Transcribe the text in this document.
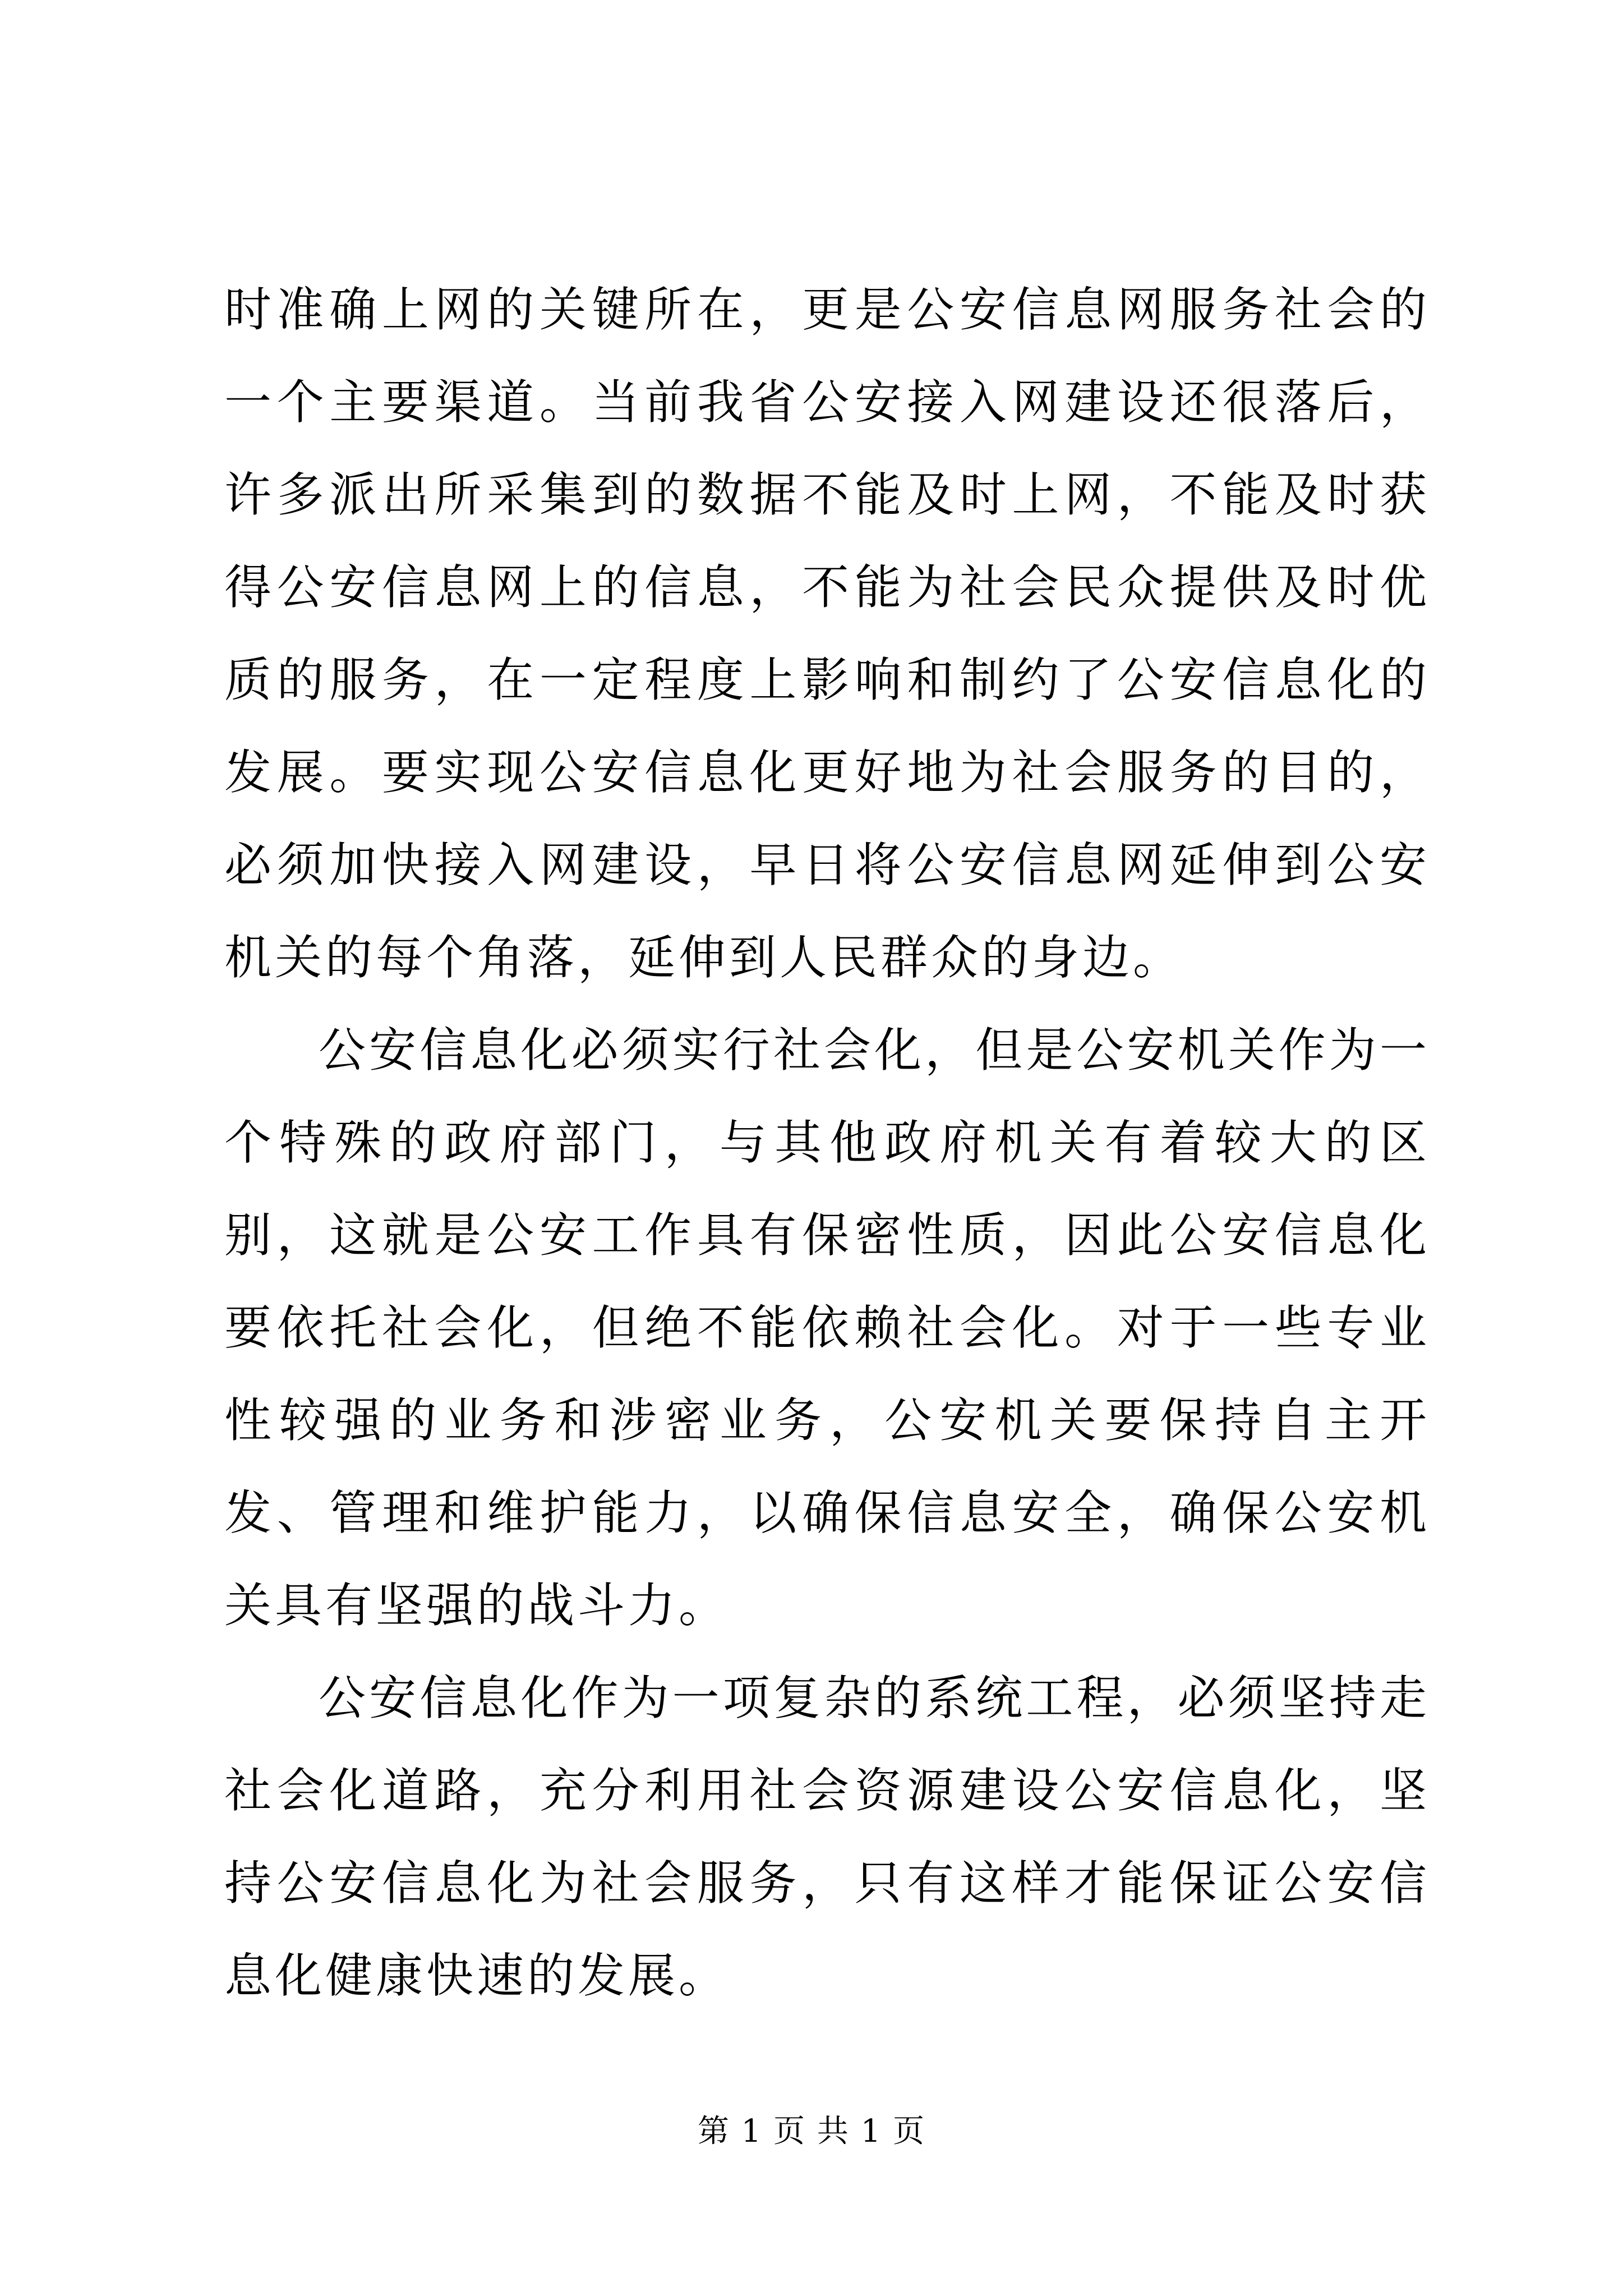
时准确上网的关键所在，更是公安信息网服务社会的一个主要渠道。当前我省公安接入网建设还很落后，许多派出所采集到的数据不能及时上网，不能及时获得公安信息网上的信息，不能为社会民众提供及时优质的服务，在一定程度上影响和制约了公安信息化的发展。要实现公安信息化更好地为社会服务的目的，必须加快接入网建设，早日将公安信息网延伸到公安机关的每个角落，延伸到人民群众的身边。

公安信息化必须实行社会化，但是公安机关作为一个特殊的政府部门，与其他政府机关有着较大的区别，这就是公安工作具有保密性质，因此公安信息化要依托社会化，但绝不能依赖社会化。对于一些专业性较强的业务和涉密业务，公安机关要保持自主开发、管理和维护能力，以确保信息安全，确保公安机关具有坚强的战斗力。

公安信息化作为一项复杂的系统工程，必须坚持走社会化道路，充分利用社会资源建设公安信息化，坚持公安信息化为社会服务，只有这样才能保证公安信息化健康快速的发展。

第 1 页 共 1 页
